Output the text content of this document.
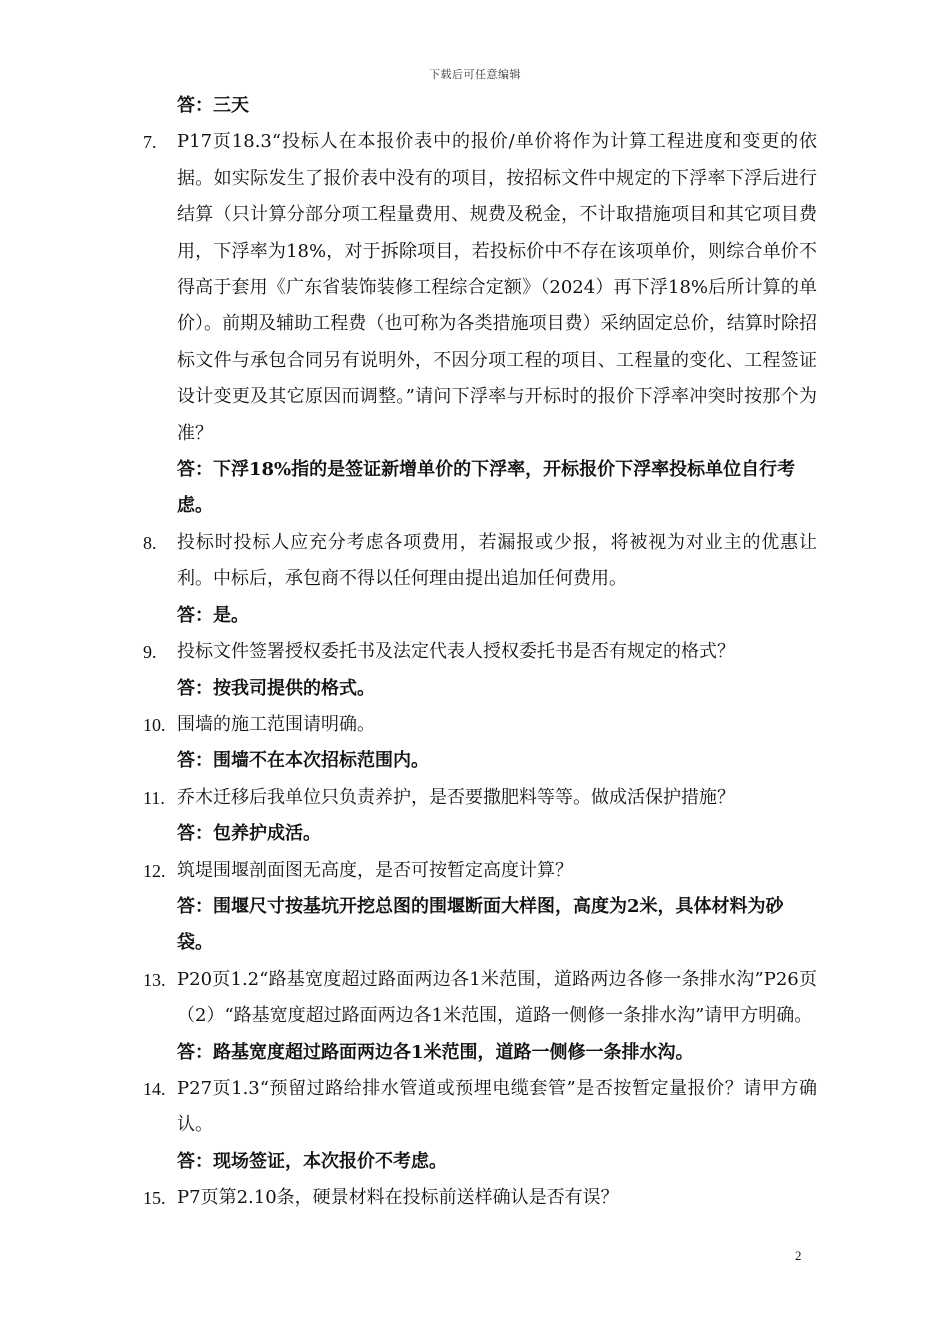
下载后可任意编辑
答：三天
7. P17页18.3“投标人在本报价表中的报价/单价将作为计算工程进度和变更的依据。如实际发生了报价表中没有的项目，按招标文件中规定的下浮率下浮后进行结算（只计算分部分项工程量费用、规费及税金，不计取措施项目和其它项目费用，下浮率为18%，对于拆除项目，若投标价中不存在该项单价，则综合单价不得高于套用《广东省装饰装修工程综合定额》（2024）再下浮18%后所计算的单价）。前期及辅助工程费（也可称为各类措施项目费）采纳固定总价，结算时除招标文件与承包合同另有说明外，不因分项工程的项目、工程量的变化、工程签证设计变更及其它原因而调整。”请问下浮率与开标时的报价下浮率冲突时按那个为准？
答：下浮18%指的是签证新增单价的下浮率，开标报价下浮率投标单位自行考虑。
8. 投标时投标人应充分考虑各项费用，若漏报或少报，将被视为对业主的优惠让利。中标后，承包商不得以任何理由提出追加任何费用。
答：是。
9. 投标文件签署授权委托书及法定代表人授权委托书是否有规定的格式？
答：按我司提供的格式。
10. 围墙的施工范围请明确。
答：围墙不在本次招标范围内。
11. 乔木迁移后我单位只负责养护，是否要撒肥料等等。做成活保护措施？
答：包养护成活。
12. 筑堤围堰剖面图无高度，是否可按暂定高度计算？
答：围堰尺寸按基坑开挖总图的围堰断面大样图，高度为2米，具体材料为砂袋。
13. P20页1.2“路基宽度超过路面两边各1米范围，道路两边各修一条排水沟”P26页（2）“路基宽度超过路面两边各1米范围，道路一侧修一条排水沟”请甲方明确。
答：路基宽度超过路面两边各1米范围，道路一侧修一条排水沟。
14. P27页1.3“预留过路给排水管道或预埋电缆套管”是否按暂定量报价？请甲方确认。
答：现场签证，本次报价不考虑。
15. P7页第2.10条，硬景材料在投标前送样确认是否有误？
2
